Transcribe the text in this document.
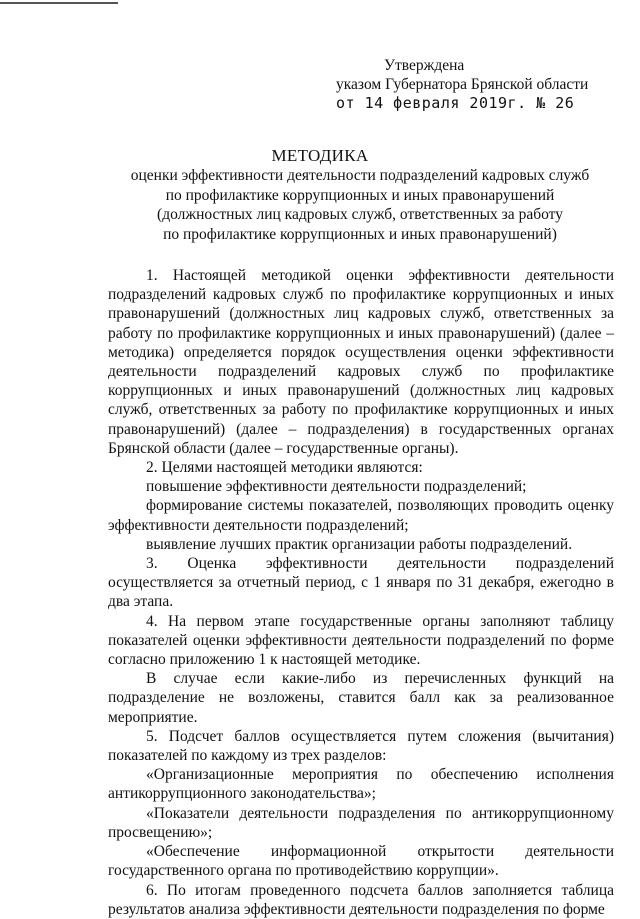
Утверждена
указом Губернатора Брянской области
от 14 февраля 2019г. № 26
МЕТОДИКА
оценки эффективности деятельности подразделений кадровых служб
по профилактике коррупционных и иных правонарушений
(должностных лиц кадровых служб, ответственных за работу
по профилактике коррупционных и иных правонарушений)

1. Настоящей методикой оценки эффективности деятельности подразделений кадровых служб по профилактике коррупционных и иных правонарушений (должностных лиц кадровых служб, ответственных за работу по профилактике коррупционных и иных правонарушений) (далее – методика) определяется порядок осуществления оценки эффективности деятельности подразделений кадровых служб по профилактике коррупционных и иных правонарушений (должностных лиц кадровых служб, ответственных за работу по профилактике коррупционных и иных правонарушений) (далее – подразделения) в государственных органах Брянской области (далее – государственные органы).

2. Целями настоящей методики являются:

повышение эффективности деятельности подразделений;

формирование системы показателей, позволяющих проводить оценку эффективности деятельности подразделений;

выявление лучших практик организации работы подразделений.

3. Оценка эффективности деятельности подразделений осуществляется за отчетный период, с 1 января по 31 декабря, ежегодно в два этапа.

4. На первом этапе государственные органы заполняют таблицу показателей оценки эффективности деятельности подразделений по форме согласно приложению 1 к настоящей методике.

В случае если какие-либо из перечисленных функций на подразделение не возложены, ставится балл как за реализованное мероприятие.

5. Подсчет баллов осуществляется путем сложения (вычитания) показателей по каждому из трех разделов:

«Организационные мероприятия по обеспечению исполнения антикоррупционного законодательства»;

«Показатели деятельности подразделения по антикоррупционному просвещению»;

«Обеспечение информационной открытости деятельности государственного органа по противодействию коррупции».

6. По итогам проведенного подсчета баллов заполняется таблица результатов анализа эффективности деятельности подразделения по форме
